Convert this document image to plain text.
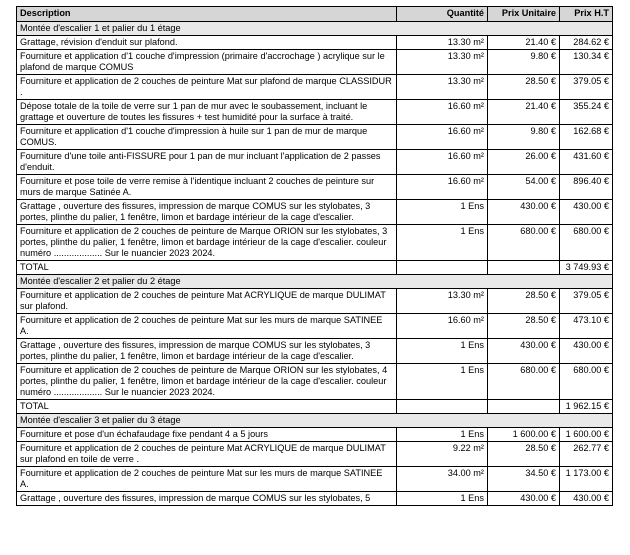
Description	Quantité	Prix Unitaire	Prix H.T
Montée d'escalier 1 et palier du 1 étage			
Grattage, révision d'enduit sur plafond.	13.30 m²	21.40 €	284.62 €
Fourniture et application d'1 couche d'impression (primaire d'accrochage ) acrylique sur le plafond de marque COMUS	13.30 m²	9.80 €	130.34 €
Fourniture et application de 2 couches de peinture Mat sur plafond de marque CLASSIDUR .	13.30 m²	28.50 €	379.05 €
Dépose totale de la toile de verre sur 1 pan de mur avec le soubassement, incluant le grattage et ouverture de toutes les fissures + test humidité pour la surface à traité.	16.60 m²	21.40 €	355.24 €
Fourniture et application d'1 couche d'impression à huile sur 1 pan de mur de marque COMUS.	16.60 m²	9.80 €	162.68 €
Fourniture d'une toile anti-FISSURE pour 1 pan de mur incluant l'application de 2 passes d'enduit.	16.60 m²	26.00 €	431.60 €
Fourniture et pose toile de verre remise à l'identique incluant 2 couches de peinture sur murs de marque Satinée A.	16.60 m²	54.00 €	896.40 €
Grattage , ouverture des fissures, impression de marque COMUS sur les stylobates, 3 portes, plinthe du palier, 1 fenêtre, limon et bardage intérieur de la cage d'escalier.	1 Ens	430.00 €	430.00 €
Fourniture et application de 2 couches de peinture de Marque ORION sur les stylobates, 3 portes, plinthe du palier, 1 fenêtre, limon et bardage intérieur de la cage d'escalier. couleur numéro ................... Sur le nuancier 2023 2024.	1 Ens	680.00 €	680.00 €
TOTAL			3 749.93 €
Montée d'escalier 2 et palier du 2 étage			
Fourniture et application de 2 couches de peinture Mat ACRYLIQUE de marque DULIMAT sur plafond.	13.30 m²	28.50 €	379.05 €
Fourniture et application de 2 couches de peinture Mat sur les murs de marque SATINEE A.	16.60 m²	28.50 €	473.10 €
Grattage , ouverture des fissures, impression de marque COMUS sur les stylobates, 3 portes, plinthe du palier, 1 fenêtre, limon et bardage intérieur de la cage d'escalier.	1 Ens	430.00 €	430.00 €
Fourniture et application de 2 couches de peinture de Marque ORION sur les stylobates, 4 portes, plinthe du palier, 1 fenêtre, limon et bardage intérieur de la cage d'escalier. couleur numéro ................... Sur le nuancier 2023 2024.	1 Ens	680.00 €	680.00 €
TOTAL			1 962.15 €
Montée d'escalier 3 et palier du 3 étage			
Fourniture et pose d'un échafaudage fixe pendant 4 a 5 jours	1 Ens	1 600.00 €	1 600.00 €
Fourniture et application de 2 couches de peinture Mat ACRYLIQUE de marque DULIMAT sur plafond en toile de verre .	9.22 m²	28.50 €	262.77 €
Fourniture et application de 2 couches de peinture Mat sur les murs de marque SATINEE A.	34.00 m²	34.50 €	1 173.00 €
Grattage , ouverture des fissures, impression de marque COMUS sur les stylobates, 5	1 Ens	430.00 €	430.00 €
